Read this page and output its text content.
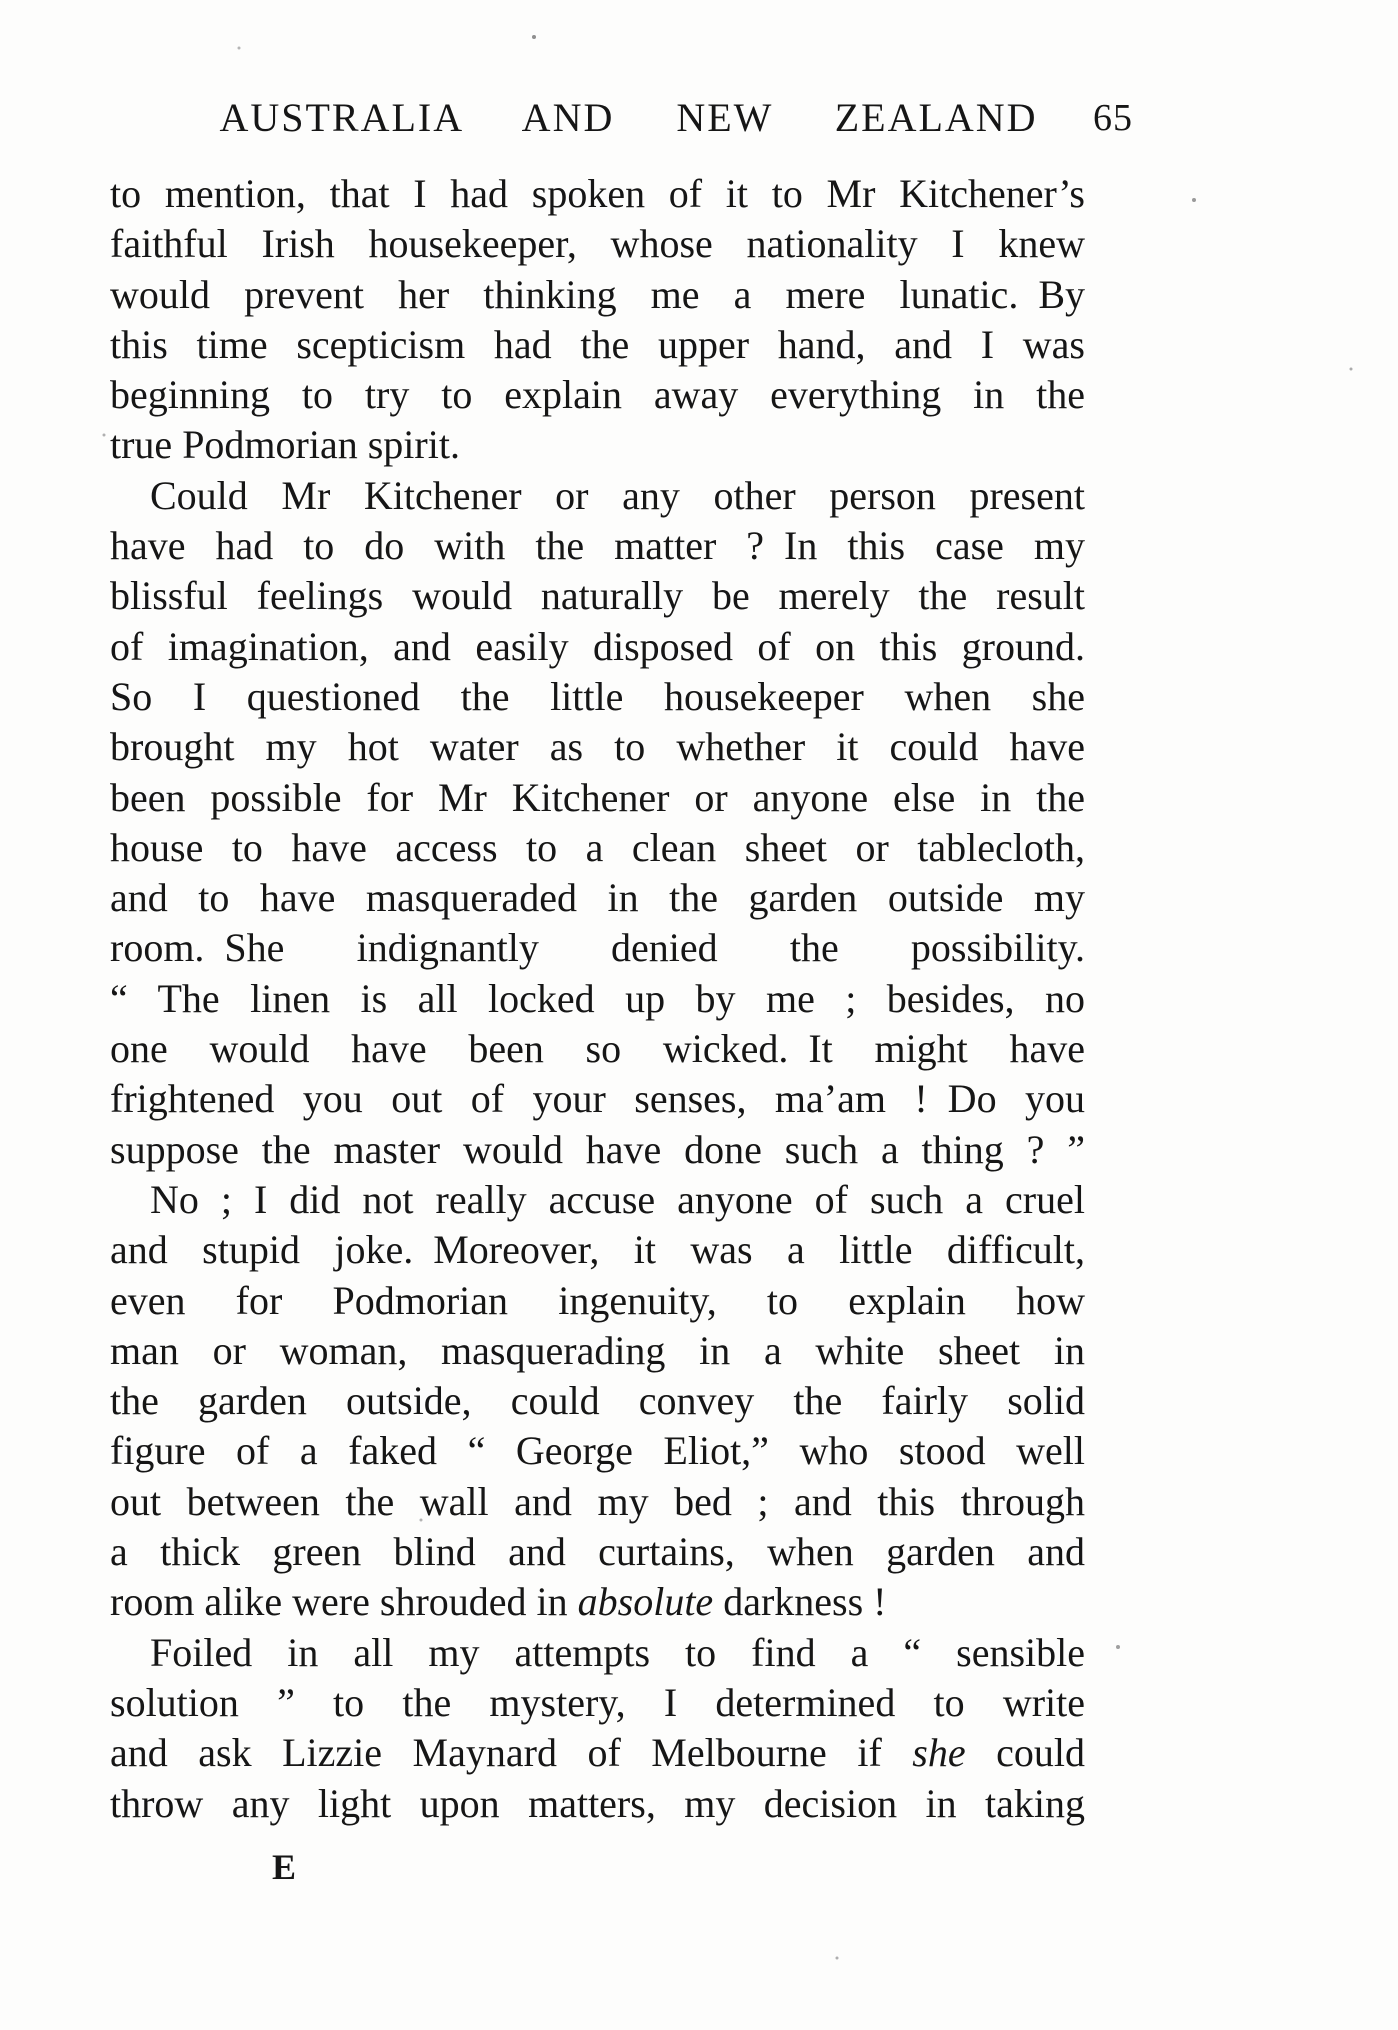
AUSTRALIA AND NEW ZEALAND	65
to mention, that I had spoken of it to Mr Kitchener’s
faithful Irish housekeeper, whose nationality I knew
would prevent her thinking me a mere lunatic. By
this time scepticism had the upper hand, and I was
beginning to try to explain away everything in the
true Podmorian spirit.
Could Mr Kitchener or any other person present
have had to do with the matter ? In this case my
blissful feelings would naturally be merely the result
of imagination, and easily disposed of on this ground.
So I questioned the little housekeeper when she
brought my hot water as to whether it could have
been possible for Mr Kitchener or anyone else in the
house to have access to a clean sheet or tablecloth,
and to have masqueraded in the garden outside my
room. She indignantly denied the possibility.
“ The linen is all locked up by me ; besides, no
one would have been so wicked. It might have
frightened you out of your senses, ma’am ! Do you
suppose the master would have done such a thing ? ”
No ; I did not really accuse anyone of such a cruel
and stupid joke. Moreover, it was a little difficult,
even for Podmorian ingenuity, to explain how
man or woman, masquerading in a white sheet in
the garden outside, could convey the fairly solid
figure of a faked “ George Eliot,” who stood well
out between the wall and my bed ; and this through
a thick green blind and curtains, when garden and
room alike were shrouded in absolute darkness !
Foiled in all my attempts to find a “ sensible
solution ” to the mystery, I determined to write
and ask Lizzie Maynard of Melbourne if she could
throw any light upon matters, my decision in taking
E
